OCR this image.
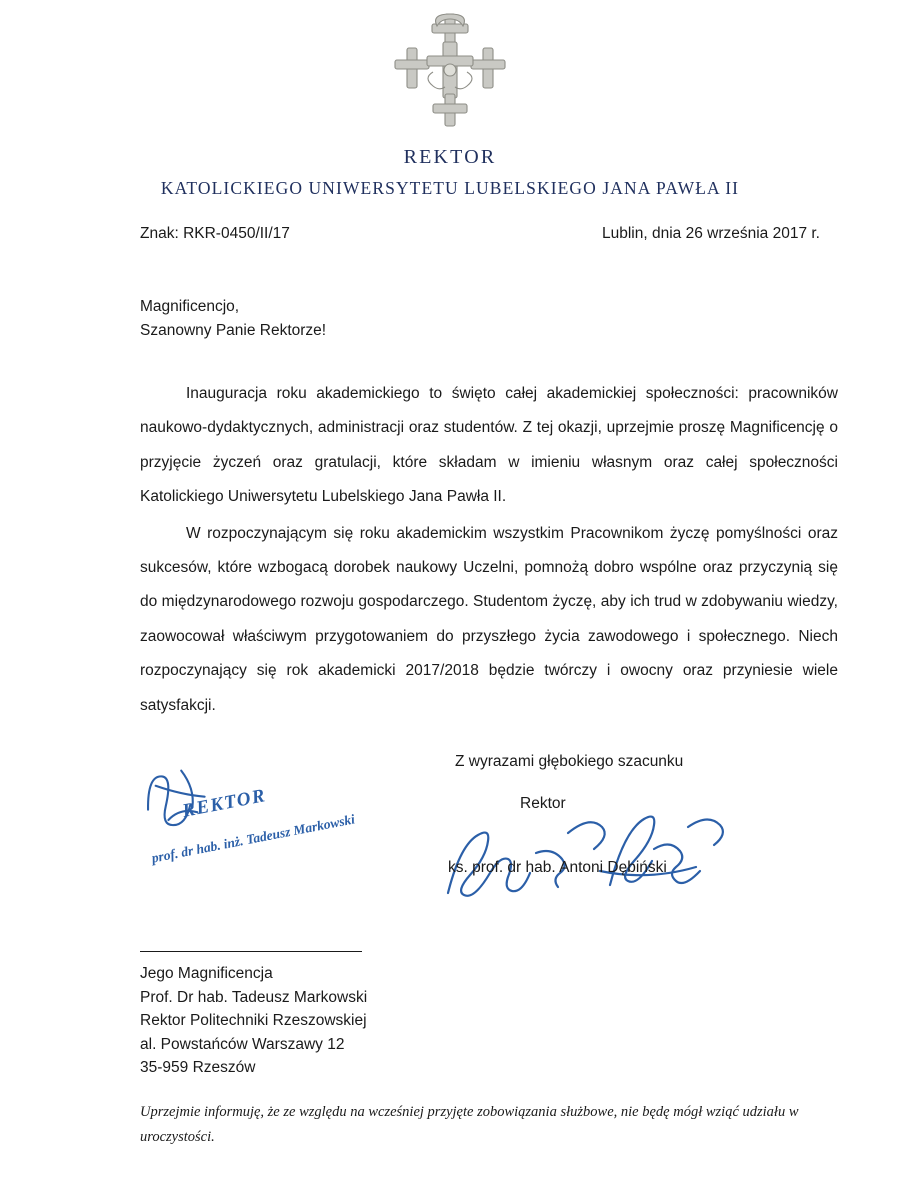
REKTOR
KATOLICKIEGO UNIWERSYTETU LUBELSKIEGO JANA PAWŁA II
Znak: RKR-0450/II/17	Lublin, dnia 26 września 2017 r.
Magnificencjo,
Szanowny Panie Rektorze!

Inauguracja roku akademickiego to święto całej akademickiej społeczności: pracowników naukowo-dydaktycznych, administracji oraz studentów. Z tej okazji, uprzejmie proszę Magnificencję o przyjęcie życzeń oraz gratulacji, które składam w imieniu własnym oraz całej społeczności Katolickiego Uniwersytetu Lubelskiego Jana Pawła II.

W rozpoczynającym się roku akademickim wszystkim Pracownikom życzę pomyślności oraz sukcesów, które wzbogacą dorobek naukowy Uczelni, pomnożą dobro wspólne oraz przyczynią się do międzynarodowego rozwoju gospodarczego. Studentom życzę, aby ich trud w zdobywaniu wiedzy, zaowocował właściwym przygotowaniem do przyszłego życia zawodowego i społecznego. Niech rozpoczynający się rok akademicki 2017/2018 będzie twórczy i owocny oraz przyniesie wiele satysfakcji.

REKTOR
prof. dr hab. inż. Tadeusz Markowski
Z wyrazami głębokiego szacunku
Rektor
ks. prof. dr hab. Antoni Dębiński
Jego Magnificencja
Prof. Dr hab. Tadeusz Markowski
Rektor Politechniki Rzeszowskiej
al. Powstańców Warszawy 12
35-959 Rzeszów
Uprzejmie informuję, że ze względu na wcześniej przyjęte zobowiązania służbowe, nie będę mógł wziąć udziału w uroczystości.
